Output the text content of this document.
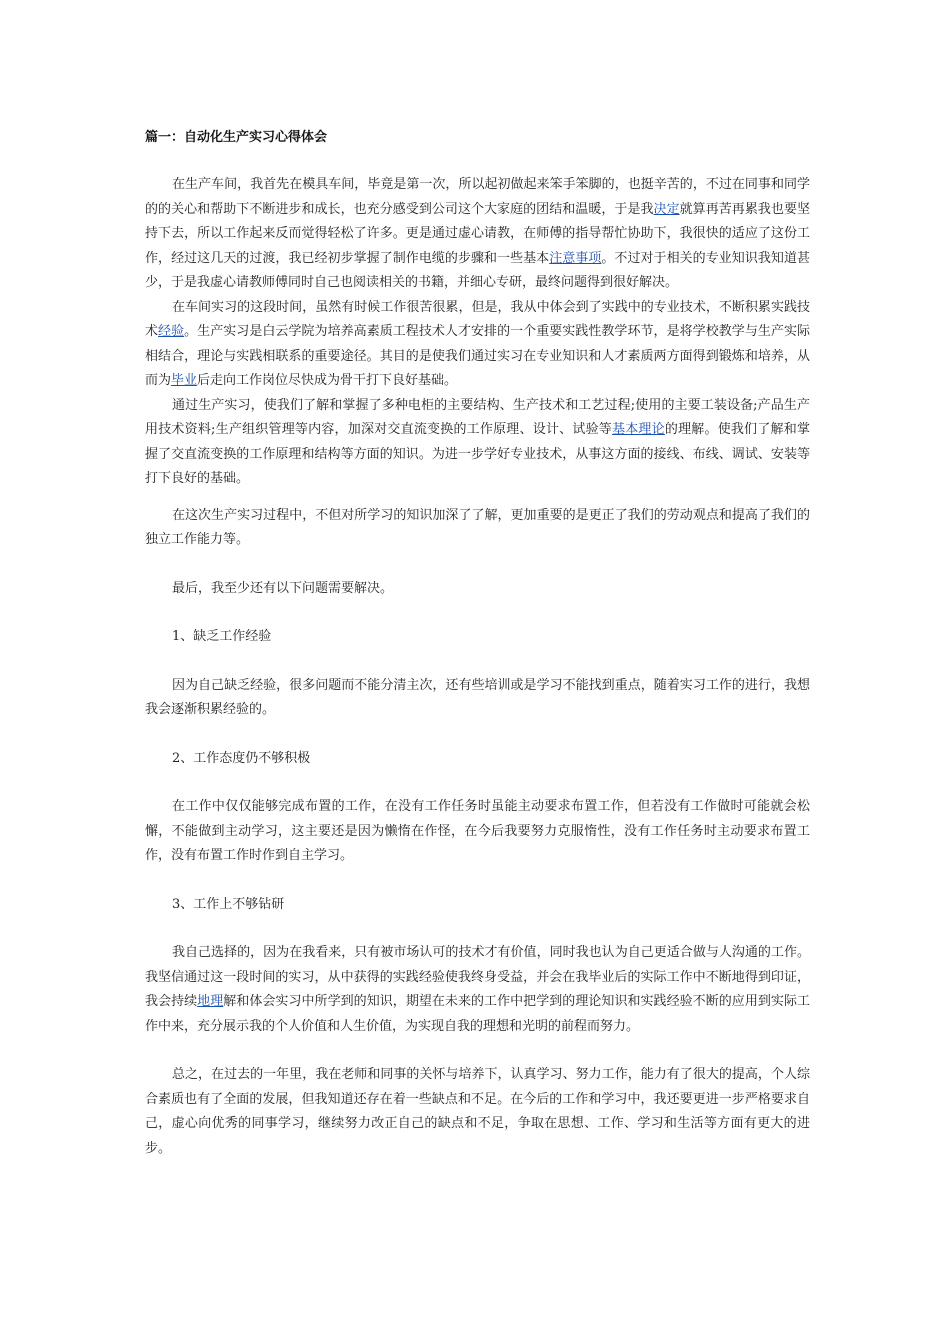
篇一：自动化生产实习心得体会

在生产车间，我首先在模具车间，毕竟是第一次，所以起初做起来笨手笨脚的，也挺辛苦的，不过在同事和同学的的关心和帮助下不断进步和成长，也充分感受到公司这个大家庭的团结和温暖，于是我决定就算再苦再累我也要坚持下去，所以工作起来反而觉得轻松了许多。更是通过虚心请教，在师傅的指导帮忙协助下，我很快的适应了这份工作，经过这几天的过渡，我已经初步掌握了制作电缆的步骤和一些基本注意事项。不过对于相关的专业知识我知道甚少，于是我虚心请教师傅同时自己也阅读相关的书籍，并细心专研，最终问题得到很好解决。

在车间实习的这段时间，虽然有时候工作很苦很累，但是，我从中体会到了实践中的专业技术，不断积累实践技术经验。生产实习是白云学院为培养高素质工程技术人才安排的一个重要实践性教学环节，是将学校教学与生产实际相结合，理论与实践相联系的重要途径。其目的是使我们通过实习在专业知识和人才素质两方面得到锻炼和培养，从而为毕业后走向工作岗位尽快成为骨干打下良好基础。

通过生产实习，使我们了解和掌握了多种电柜的主要结构、生产技术和工艺过程;使用的主要工装设备;产品生产用技术资料;生产组织管理等内容，加深对交直流变换的工作原理、设计、试验等基本理论的理解。使我们了解和掌握了交直流变换的工作原理和结构等方面的知识。为进一步学好专业技术，从事这方面的接线、布线、调试、安装等打下良好的基础。

在这次生产实习过程中，不但对所学习的知识加深了了解，更加重要的是更正了我们的劳动观点和提高了我们的独立工作能力等。

最后，我至少还有以下问题需要解决。

1、缺乏工作经验

因为自己缺乏经验，很多问题而不能分清主次，还有些培训或是学习不能找到重点，随着实习工作的进行，我想我会逐渐积累经验的。

2、工作态度仍不够积极

在工作中仅仅能够完成布置的工作，在没有工作任务时虽能主动要求布置工作，但若没有工作做时可能就会松懈，不能做到主动学习，这主要还是因为懒惰在作怪，在今后我要努力克服惰性，没有工作任务时主动要求布置工作，没有布置工作时作到自主学习。

3、工作上不够钻研

我自己选择的，因为在我看来，只有被市场认可的技术才有价值，同时我也认为自己更适合做与人沟通的工作。我坚信通过这一段时间的实习，从中获得的实践经验使我终身受益，并会在我毕业后的实际工作中不断地得到印证，我会持续地理解和体会实习中所学到的知识，期望在未来的工作中把学到的理论知识和实践经验不断的应用到实际工作中来，充分展示我的个人价值和人生价值，为实现自我的理想和光明的前程而努力。

总之，在过去的一年里，我在老师和同事的关怀与培养下，认真学习、努力工作，能力有了很大的提高，个人综合素质也有了全面的发展，但我知道还存在着一些缺点和不足。在今后的工作和学习中，我还要更进一步严格要求自己，虚心向优秀的同事学习，继续努力改正自己的缺点和不足，争取在思想、工作、学习和生活等方面有更大的进步。
